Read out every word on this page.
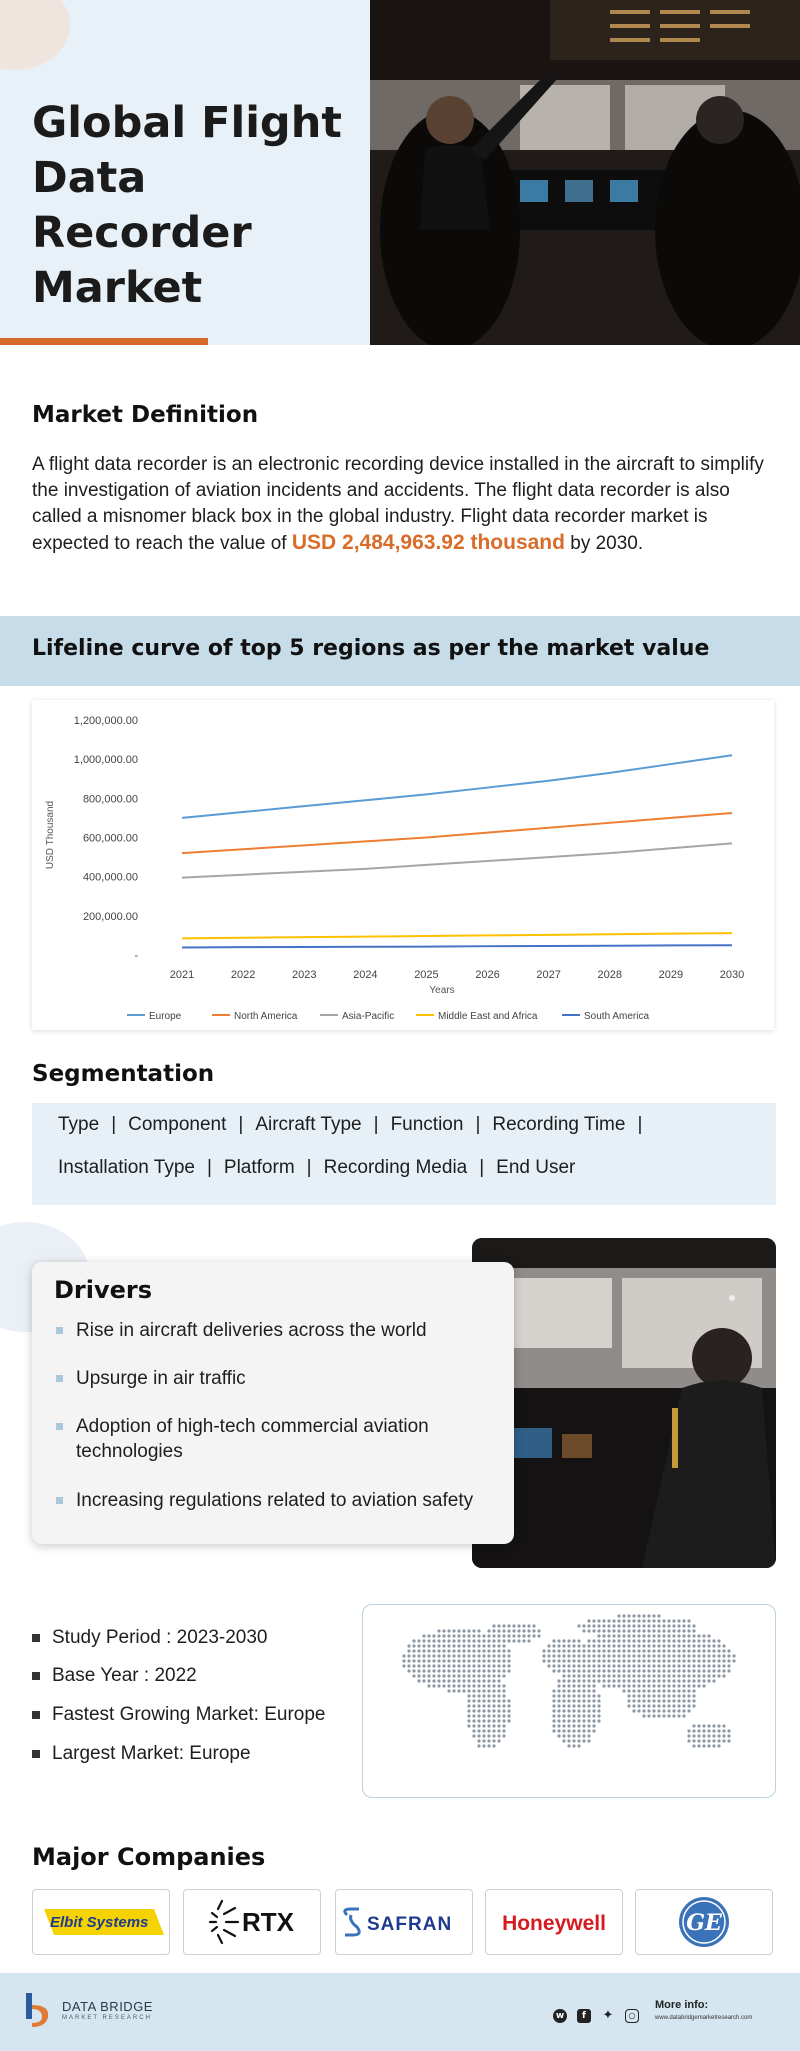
Global Flight Data Recorder Market
Market Definition
A flight data recorder is an electronic recording device installed in the aircraft to simplify the investigation of aviation incidents and accidents. The flight data recorder is also called a misnomer black box in the global industry. Flight data recorder market is expected to reach the value of USD 2,484,963.92 thousand by 2030.
Lifeline curve of top 5 regions as per the market value
-
200,000.00
400,000.00
600,000.00
800,000.00
1,000,000.00
1,200,000.00
2021	2022	2023	2024	2025	2026	2027	2028	2029	2030
USD Thousand
Years
Europe	North America	Asia-Pacific	Middle East and Africa	South America
Segmentation
Type | Component | Aircraft Type | Function | Recording Time |
Installation Type | Platform | Recording Media | End User
Drivers
Rise in aircraft deliveries across the world
Upsurge in air traffic
Adoption of high-tech commercial aviation technologies
Increasing regulations related to aviation safety
Study Period : 2023-2030
Base Year : 2022
Fastest Growing Market: Europe
Largest Market: Europe
Major Companies
Elbit Systems	RTX	SAFRAN Honeywell	GE
DATA BRIDGE
MARKET RESEARCH	w	f	✦	○
More info:
www.databridgemarketresearch.com
